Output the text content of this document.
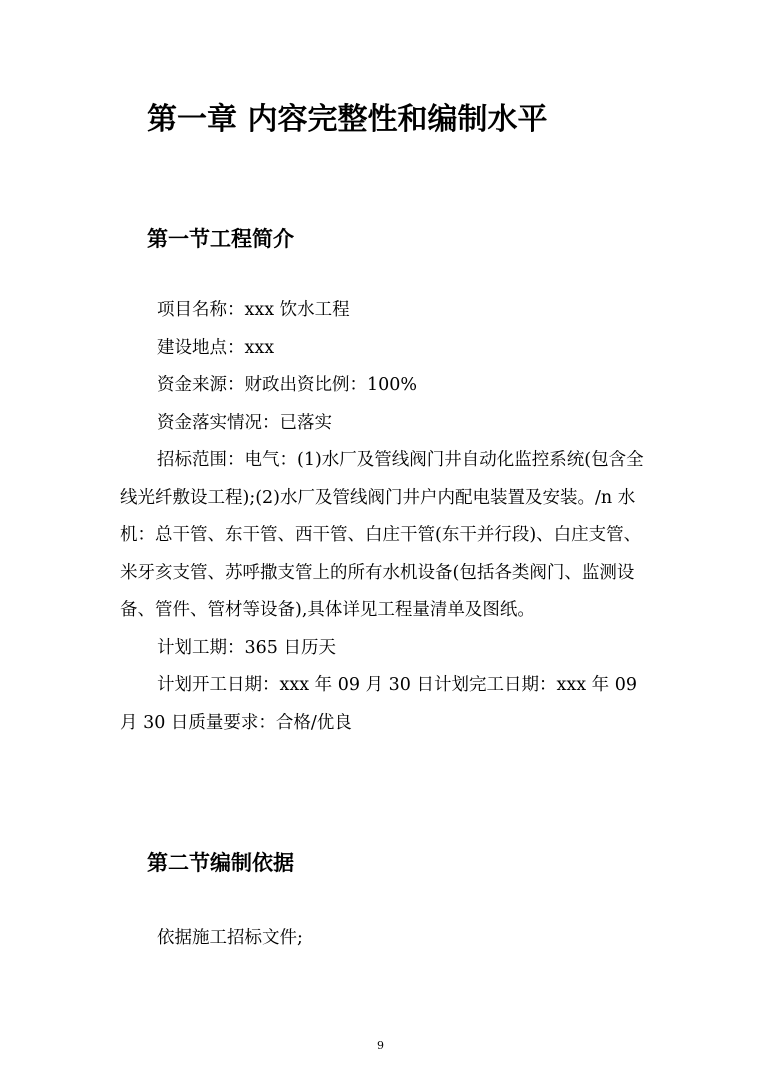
第一章 内容完整性和编制水平
第一节工程简介

项目名称：xxx 饮水工程

建设地点：xxx

资金来源：财政出资比例：100%

资金落实情况：已落实

招标范围：电气：(1)水厂及管线阀门井自动化监控系统(包含全线光纤敷设工程);(2)水厂及管线阀门井户内配电装置及安装。/n 水机：总干管、东干管、西干管、白庄干管(东干并行段)、白庄支管、米牙亥支管、苏呼撒支管上的所有水机设备(包括各类阀门、监测设备、管件、管材等设备),具体详见工程量清单及图纸。

计划工期：365 日历天

计划开工日期：xxx 年 09 月 30 日计划完工日期：xxx 年 09 月 30 日质量要求：合格/优良

第二节编制依据

依据施工招标文件;

9
